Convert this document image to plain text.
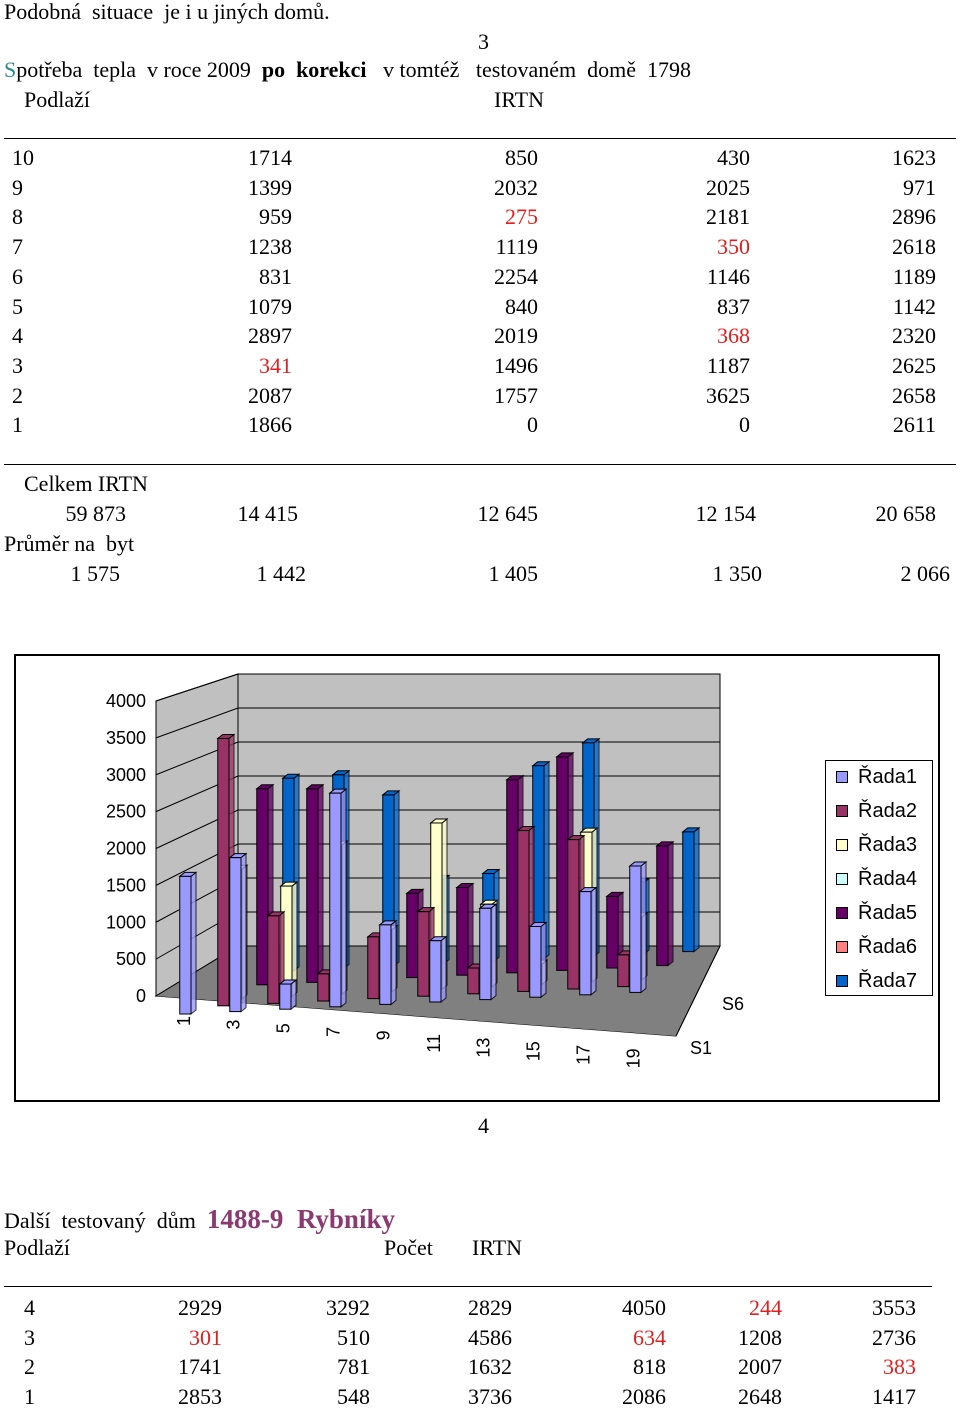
Podobná  situace  je i u jiných domů.
3
Spotřeba  tepla  v roce 2009  po  korekci   v tomtéž   testovaném  domě  1798
Podlaží	IRTN
10	1714	850	430	1623
9	1399	2032	2025	971
8	959	275	2181	2896
7	1238	1119	350	2618
6	831	2254	1146	1189
5	1079	840	837	1142
4	2897	2019	368	2320
3	341	1496	1187	2625
2	2087	1757	3625	2658
1	1866	0	0	2611
Celkem IRTN
59 873	14 415	12 645	12 154	20 658
Průměr na  byt
1 575	1 442	1 405	1 350	2 066
4000
3500
3000
2500
2000
1500
1000
500
0
1 3 5 7 9 11 13 15 17 19
S1
S6
Řada1
Řada2
Řada3
Řada4
Řada5
Řada6
Řada7
4
Další  testovaný  dům  1488-9  Rybníky
Podlaží	Počet IRTN
4	2929	3292	2829	4050	244	3553
3	301	510	4586	634	1208	2736
2	1741	781	1632	818	2007	383
1	2853	548	3736	2086	2648	1417
